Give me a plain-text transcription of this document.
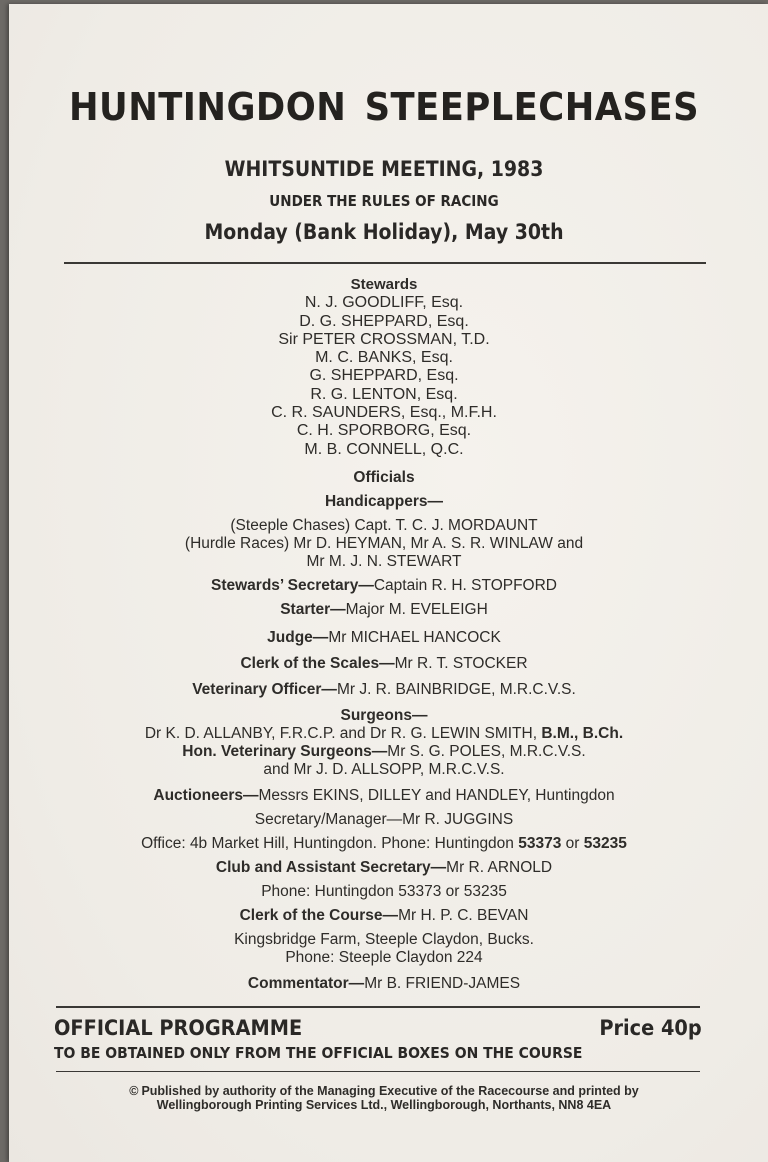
HUNTINGDON STEEPLECHASES
WHITSUNTIDE MEETING, 1983
UNDER THE RULES OF RACING
Monday (Bank Holiday), May 30th
Stewards
N. J. GOODLIFF, Esq.
D. G. SHEPPARD, Esq.
Sir PETER CROSSMAN, T.D.
M. C. BANKS, Esq.
G. SHEPPARD, Esq.
R. G. LENTON, Esq.
C. R. SAUNDERS, Esq., M.F.H.
C. H. SPORBORG, Esq.
M. B. CONNELL, Q.C.
Officials
Handicappers—
(Steeple Chases) Capt. T. C. J. MORDAUNT
(Hurdle Races) Mr D. HEYMAN, Mr A. S. R. WINLAW and
Mr M. J. N. STEWART
Stewards’ Secretary—Captain R. H. STOPFORD
Starter—Major M. EVELEIGH
Judge—Mr MICHAEL HANCOCK
Clerk of the Scales—Mr R. T. STOCKER
Veterinary Officer—Mr J. R. BAINBRIDGE, M.R.C.V.S.
Surgeons—
Dr K. D. ALLANBY, F.R.C.P. and Dr R. G. LEWIN SMITH, B.M., B.Ch.
Hon. Veterinary Surgeons—Mr S. G. POLES, M.R.C.V.S.
and Mr J. D. ALLSOPP, M.R.C.V.S.
Auctioneers—Messrs EKINS, DILLEY and HANDLEY, Huntingdon
Secretary/Manager—Mr R. JUGGINS
Office: 4b Market Hill, Huntingdon. Phone: Huntingdon 53373 or 53235
Club and Assistant Secretary—Mr R. ARNOLD
Phone: Huntingdon 53373 or 53235
Clerk of the Course—Mr H. P. C. BEVAN
Kingsbridge Farm, Steeple Claydon, Bucks.
Phone: Steeple Claydon 224
Commentator—Mr B. FRIEND-JAMES
OFFICIAL PROGRAMME	Price 40p
TO BE OBTAINED ONLY FROM THE OFFICIAL BOXES ON THE COURSE
© Published by authority of the Managing Executive of the Racecourse and printed by
Wellingborough Printing Services Ltd., Wellingborough, Northants, NN8 4EA
